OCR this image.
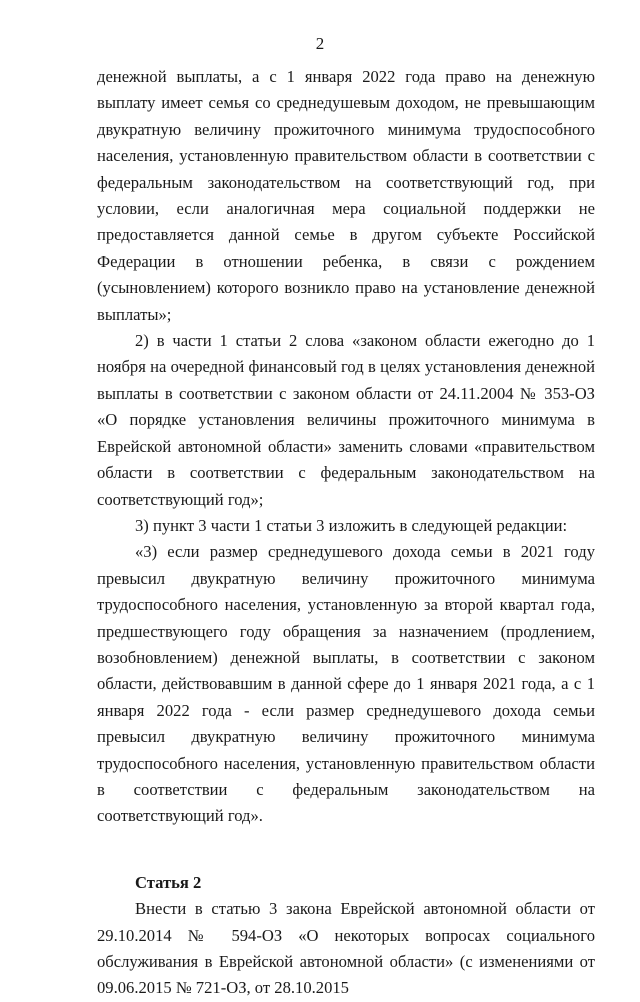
2

денежной выплаты, а с 1 января 2022 года право на денежную выплату имеет семья со среднедушевым доходом, не превышающим двукратную величину прожиточного минимума трудоспособного населения, установленную правительством области в соответствии с федеральным законодательством на соответствующий год, при условии, если аналогичная мера социальной поддержки не предоставляется данной семье в другом субъекте Российской Федерации в отношении ребенка, в связи с рождением (усыновлением) которого возникло право на установление денежной выплаты»;

2) в части 1 статьи 2 слова «законом области ежегодно до 1 ноября на очередной финансовый год в целях установления денежной выплаты в соответствии с законом области от 24.11.2004 № 353-ОЗ «О порядке установления величины прожиточного минимума в Еврейской автономной области» заменить словами «правительством области в соответствии с федеральным законодательством на соответствующий год»;

3) пункт 3 части 1 статьи 3 изложить в следующей редакции:

«3) если размер среднедушевого дохода семьи в 2021 году превысил двукратную величину прожиточного минимума трудоспособного населения, установленную за второй квартал года, предшествующего году обращения за назначением (продлением, возобновлением) денежной выплаты, в соответствии с законом области, действовавшим в данной сфере до 1 января 2021 года, а с 1 января 2022 года - если размер среднедушевого дохода семьи превысил двукратную величину прожиточного минимума трудоспособного населения, установленную правительством области в соответствии с федеральным законодательством на соответствующий год».

Статья 2

Внести в статью 3 закона Еврейской автономной области от 29.10.2014 № 594-ОЗ «О некоторых вопросах социального обслуживания в Еврейской автономной области» (с изменениями от 09.06.2015 № 721-ОЗ, от 28.10.2015
